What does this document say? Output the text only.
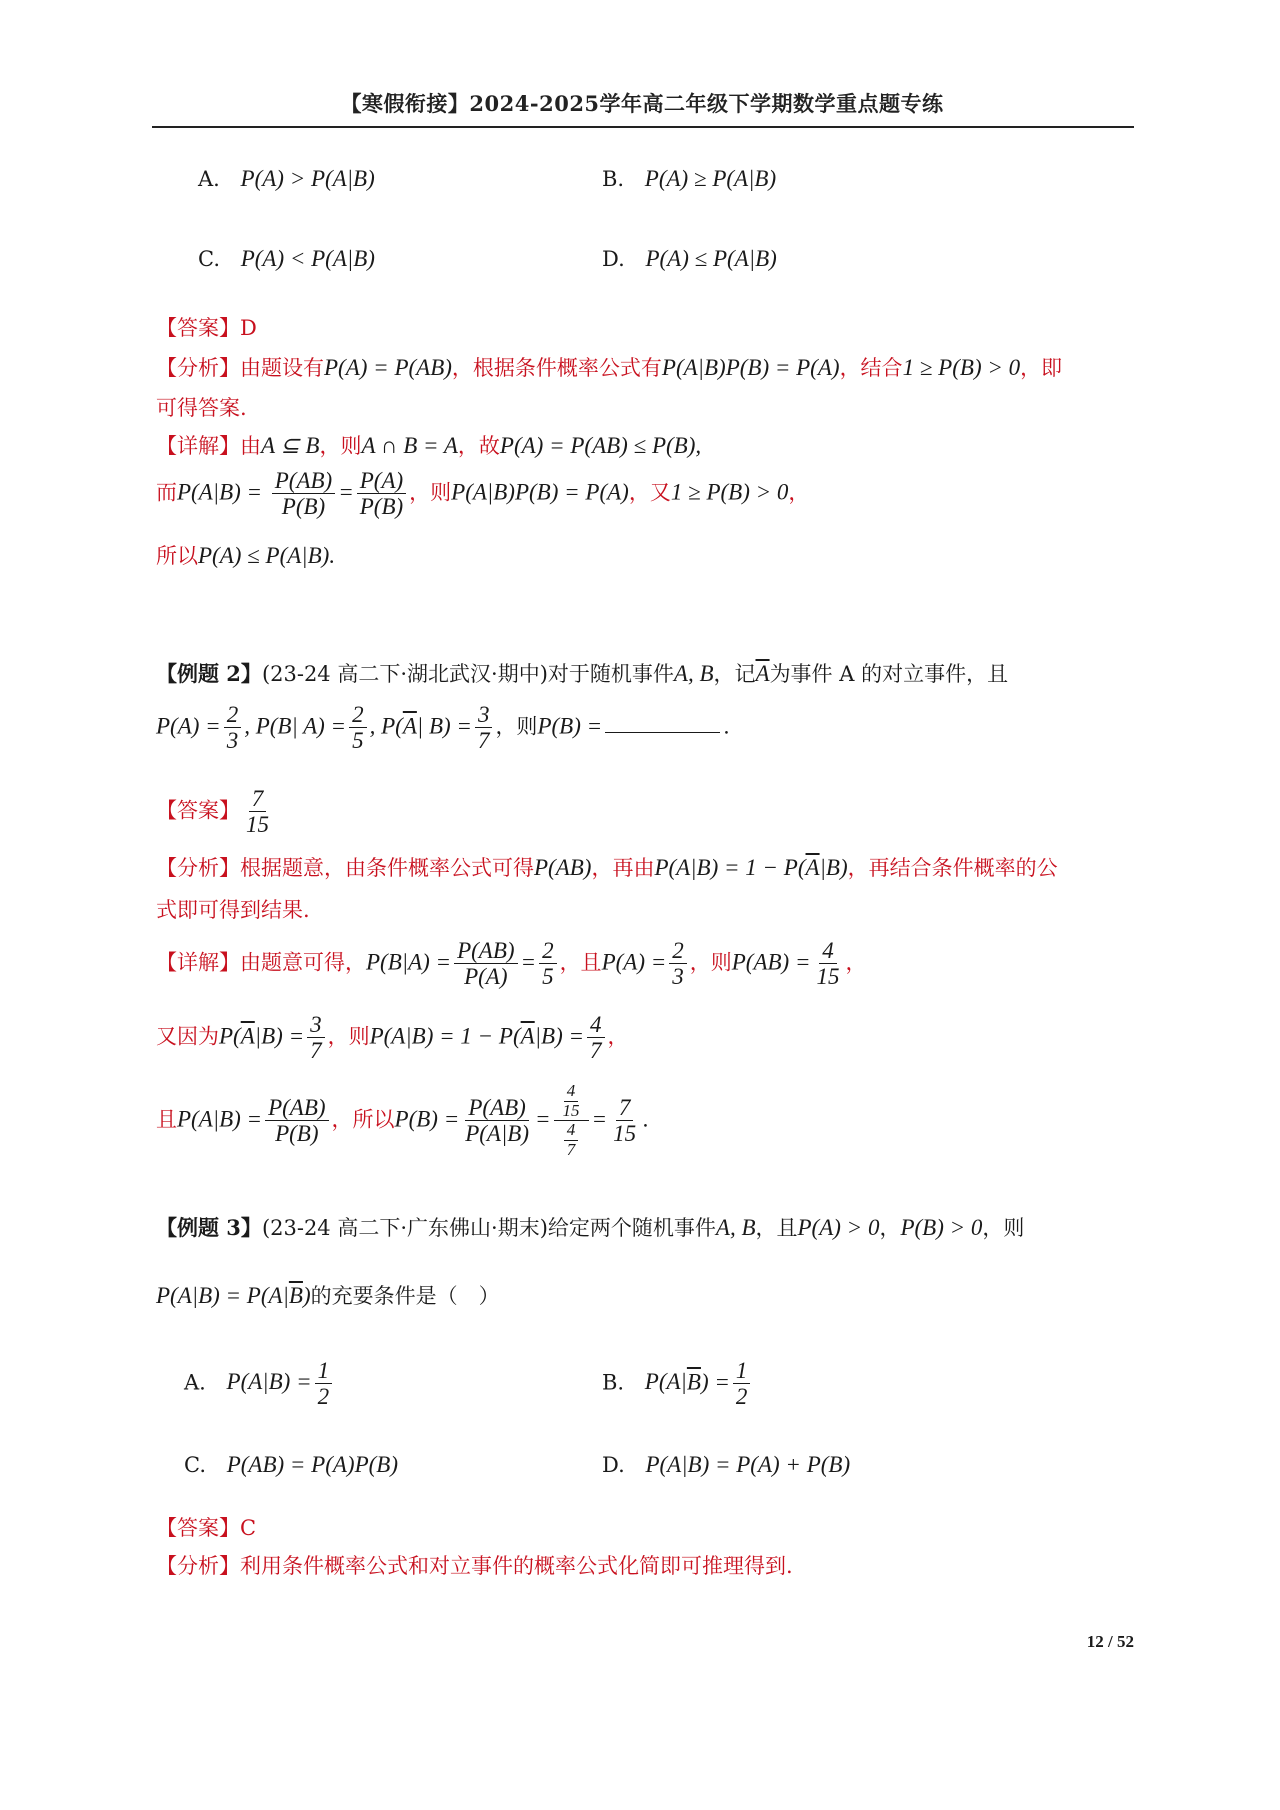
【寒假衔接】2024-2025学年高二年级下学期数学重点题专练
A. P(A) > P(A|B)	B. P(A) ≥ P(A|B)
C. P(A) < P(A|B)	D. P(A) ≤ P(A|B)
【答案】D
【分析】由题设有P(A) = P(AB)，根据条件概率公式有P(A|B)P(B) = P(A)，结合1 ≥ P(B) > 0，即
可得答案.
【详解】由A ⊆ B，则A ∩ B = A，故P(A) = P(AB) ≤ P(B),
而$P(A|B) = \frac{P(AB)}{P(B)} = \frac{P(A)}{P(B)}$ ，则P(A|B)P(B) = P(A)，又1 ≥ P(B) > 0，
所以P(A) ≤ P(A|B).
【例题 2】(23-24 高二下·湖北武汉·期中)对于随机事件A, B，记$\overline{A}$为事件 A 的对立事件，且
$P(A) = \frac{2}{3}$ , P(B| $A) = \frac{2}{5}$ , $P(\overline{A}|$ $B) = \frac{3}{7}$ ，则P(B) =	.
【答案】 $\frac{7}{15}$
【分析】根据题意，由条件概率公式可得P(AB)，再由$P(A|B) = 1 - P(\overline{A}|B)$，再结合条件概率的公
式即可得到结果.
【详解】由题意可得，$P(B|A) = \frac{P(AB)}{P(A)} = \frac{2}{5}$ ，且$P(A) = \frac{2}{3}$ ，则$P(AB) = \frac{4}{15}$ ，
又因为$P(\overline{A}|B) = \frac{3}{7}$ ，则$P(A|B) = 1 - P(\overline{A}|B) = \frac{4}{7}$ ，
且$P(A|B) = \frac{P(AB)}{P(B)}$ ，所以$P(B) = \frac{P(AB)}{P(A|B)} = \frac{\frac{4}{15}}{\frac{4}{7}} = \frac{7}{15}$ .
【例题 3】(23-24 高二下·广东佛山·期末)给定两个随机事件A, B，且P(A) > 0，P(B) > 0，则
$P(A|B) = P(A|\overline{B})$的充要条件是（　）
A. $P(A|B) = \frac{1}{2}$	B. $P(A|\overline{B}) = \frac{1}{2}$
C. P(AB) = P(A)P(B)	D. P(A|B) = P(A) + P(B)
【答案】C
【分析】利用条件概率公式和对立事件的概率公式化简即可推理得到.
12 / 52
